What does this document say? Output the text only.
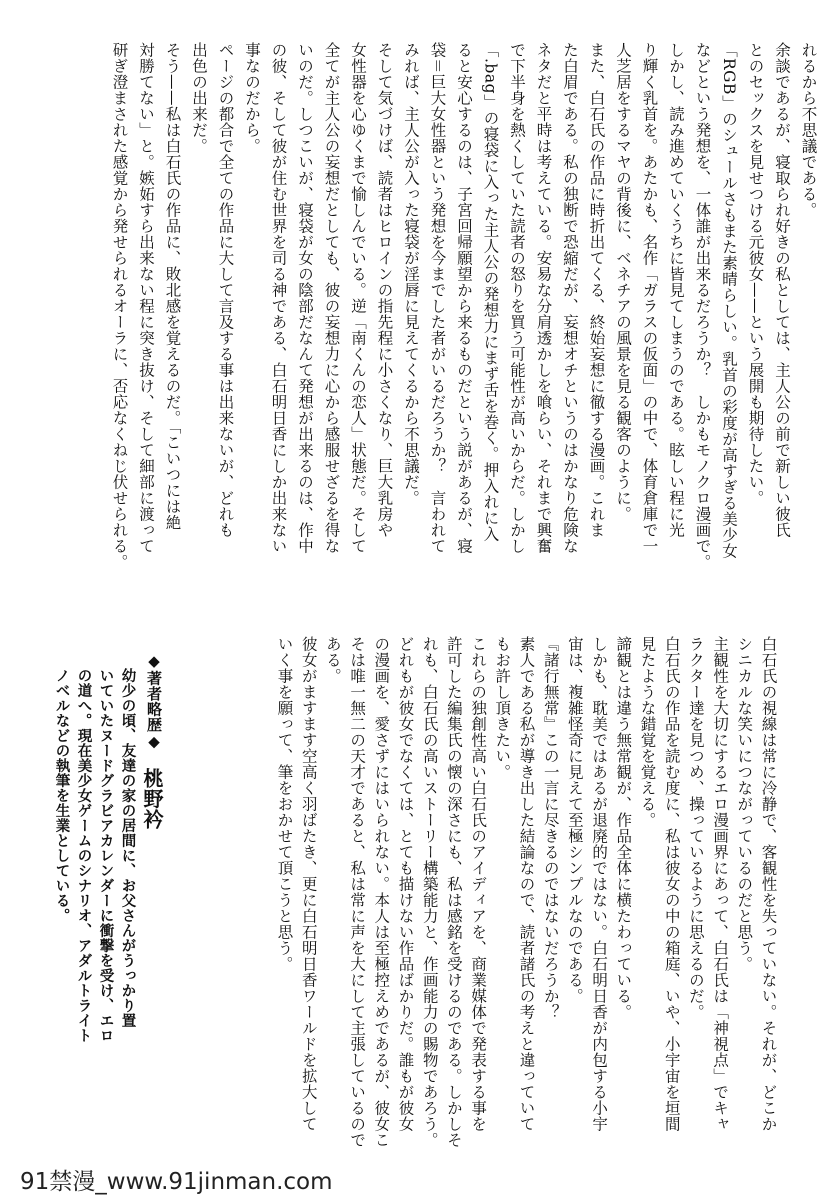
れるから不思議である。
余談であるが、寝取られ好きの私としては、主人公の前で新しい彼氏
とのセックスを見せつける元彼女——という展開も期待したい。
「RGB」のシュールさもまた素晴らしい。乳首の彩度が高すぎる美少女
などという発想を、一体誰が出来るだろうか？　しかもモノクロ漫画で。
しかし、読み進めていくうちに皆見てしまうのである。眩しい程に光
り輝く乳首を。あたかも、名作「ガラスの仮面」の中で、体育倉庫で一
人芝居をするマヤの背後に、ベネチアの風景を見る観客のように。
また、白石氏の作品に時折出てくる、終始妄想に徹する漫画。これま
た白眉である。私の独断で恐縮だが、妄想オチというのはかなり危険な
ネタだと平時は考えている。安易な分肩透かしを喰らい、それまで興奮
で下半身を熱くしていた読者の怒りを買う可能性が高いからだ。しかし
「.bag」の寝袋に入った主人公の発想力にまず舌を巻く。押入れに入
ると安心するのは、子宮回帰願望から来るものだという説があるが、寝
袋＝巨大女性器という発想を今までした者がいるだろうか？　言われて
みれば、主人公が入った寝袋が淫唇に見えてくるから不思議だ。
そして気づけば、読者はヒロインの指先程に小さくなり、巨大乳房や
女性器を心ゆくまで愉しんでいる。逆「南くんの恋人」状態だ。そして
全てが主人公の妄想だとしても、彼の妄想力に心から感服せざるを得な
いのだ。しつこいが、寝袋が女の陰部だなんて発想が出来るのは、作中
の彼、そして彼が住む世界を司る神である、白石明日香にしか出来ない
事なのだから。
ページの都合で全ての作品に大して言及する事は出来ないが、どれも
出色の出来だ。
そう——私は白石氏の作品に、敗北感を覚えるのだ。「こいつには絶
対勝てない」と。嫉妬すら出来ない程に突き抜け、そして細部に渡って
研ぎ澄まされた感覚から発せられるオーラに、否応なくねじ伏せられる。
白石氏の視線は常に冷静で、客観性を失っていない。それが、どこか
シニカルな笑いにつながっているのだと思う。
主観性を大切にするエロ漫画界にあって、白石氏は「神視点」でキャ
ラクター達を見つめ、操っているように思えるのだ。
白石氏の作品を読む度に、私は彼女の中の箱庭、いや、小宇宙を垣間
見たような錯覚を覚える。
諦観とは違う無常観が、作品全体に横たわっている。
しかも、耽美ではあるが退廃的ではない。白石明日香が内包する小宇
宙は、複雑怪奇に見えて至極シンプルなのである。
『諸行無常』この一言に尽きるのではないだろうか？
素人である私が導き出した結論なので、読者諸氏の考えと違っていて
もお許し頂きたい。
これらの独創性高い白石氏のアイディアを、商業媒体で発表する事を
許可した編集氏の懐の深さにも、私は感銘を受けるのである。しかしそ
れも、白石氏の高いストーリー構築能力と、作画能力の賜物であろう。
どれもが彼女でなくては、とても描けない作品ばかりだ。誰もが彼女
の漫画を、愛さずにはいられない。本人は至極控えめであるが、彼女こ
そは唯一無二の天才であると、私は常に声を大にして主張しているので
ある。
彼女がますます空高く羽ばたき、更に白石明日香ワールドを拡大して
いく事を願って、筆をおかせて頂こうと思う。
◆著者略歴◆
桃野衿
幼少の頃、友達の家の居間に、お父さんがうっかり置
いていたヌードグラビアカレンダーに衝撃を受け、エロ
の道へ。現在美少女ゲームのシナリオ、アダルトライト
ノベルなどの執筆を生業としている。
91禁漫_www.91jinman.com
